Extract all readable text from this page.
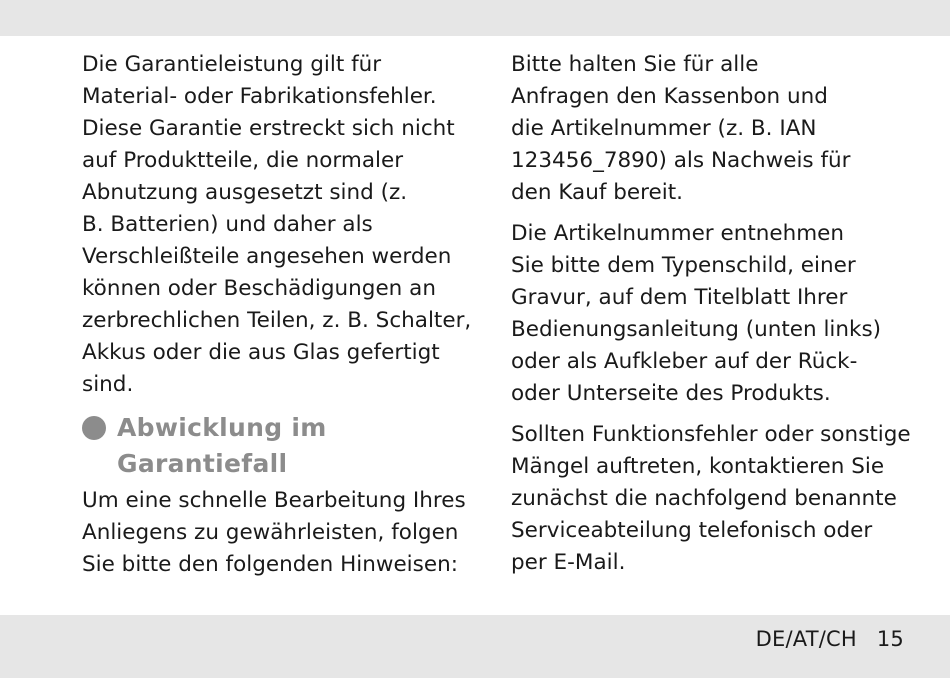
Die Garantieleistung gilt für
Material- oder Fabrikationsfehler.
Diese Garantie erstreckt sich nicht
auf Produktteile, die normaler
Abnutzung ausgesetzt sind (z.
B. Batterien) und daher als
Verschleißteile angesehen werden
können oder Beschädigungen an
zerbrechlichen Teilen, z. B. Schalter,
Akkus oder die aus Glas gefertigt
sind.

Abwicklung im
Garantiefall

Um eine schnelle Bearbeitung Ihres
Anliegens zu gewährleisten, folgen
Sie bitte den folgenden Hinweisen:

Bitte halten Sie für alle
Anfragen den Kassenbon und
die Artikelnummer (z. B. IAN
123456_7890) als Nachweis für
den Kauf bereit.

Die Artikelnummer entnehmen
Sie bitte dem Typenschild, einer
Gravur, auf dem Titelblatt Ihrer
Bedienungsanleitung (unten links)
oder als Aufkleber auf der Rück-
oder Unterseite des Produkts.

Sollten Funktionsfehler oder sonstige
Mängel auftreten, kontaktieren Sie
zunächst die nachfolgend benannte
Serviceabteilung telefonisch oder
per E-Mail.

DE/AT/CH 15
